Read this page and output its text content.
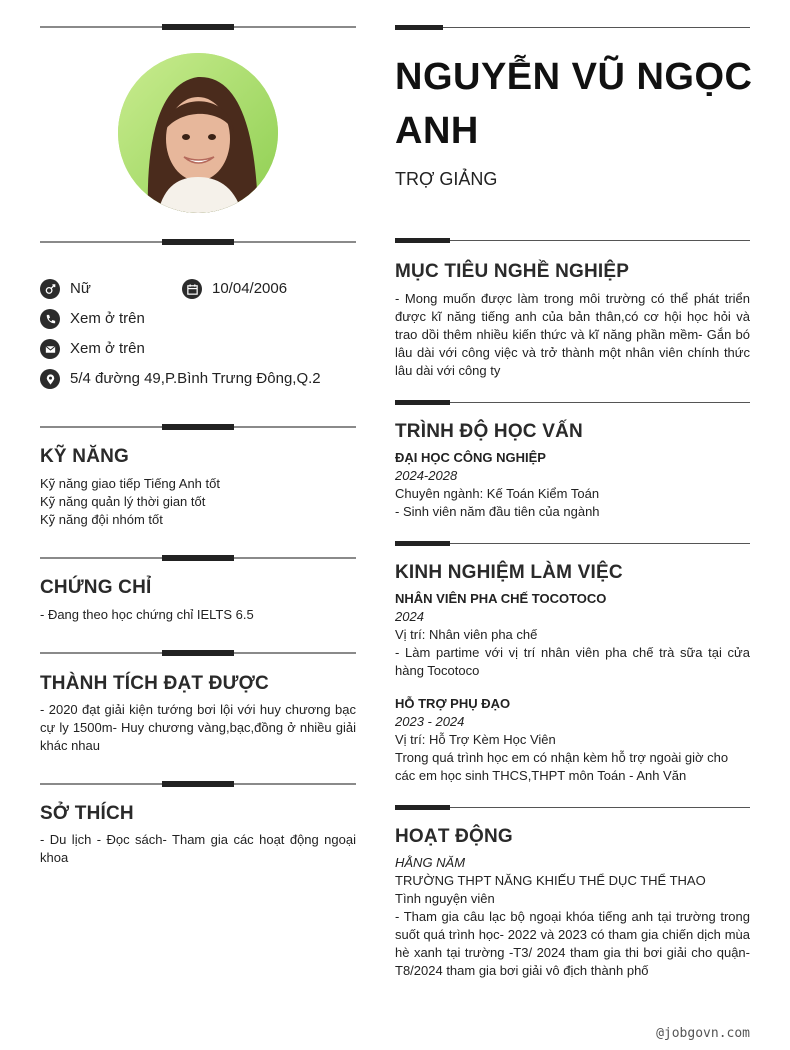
Nữ	10/04/2006
Xem ở trên
Xem ở trên
5/4 đường 49,P.Bình Trưng Đông,Q.2
KỸ NĂNG
Kỹ năng giao tiếp Tiếng Anh tốt
Kỹ năng quản lý thời gian tốt
Kỹ năng đội nhóm tốt
CHỨNG CHỈ
- Đang theo học chứng chỉ IELTS 6.5
THÀNH TÍCH ĐẠT ĐƯỢC
- 2020 đạt giải kiện tướng bơi lội với huy chương bạc cự ly 1500m- Huy chương vàng,bạc,đồng ở nhiều giải khác nhau
SỞ THÍCH
- Du lịch - Đọc sách- Tham gia các hoạt động ngoại khoa
NGUYỄN VŨ NGỌC ANH
TRỢ GIẢNG
MỤC TIÊU NGHỀ NGHIỆP
- Mong muốn được làm trong môi trường có thể phát triển được kĩ năng tiếng anh của bản thân,có cơ hội học hỏi và trao dồi thêm nhiều kiến thức và kĩ năng phần mềm- Gắn bó lâu dài với công việc và trở thành một nhân viên chính thức lâu dài với công ty
TRÌNH ĐỘ HỌC VẤN
ĐẠI HỌC CÔNG NGHIỆP
2024-2028
Chuyên ngành: Kế Toán Kiểm Toán
- Sinh viên năm đầu tiên của ngành
KINH NGHIỆM LÀM VIỆC
NHÂN VIÊN PHA CHẾ TOCOTOCO
2024
Vị trí: Nhân viên pha chế
- Làm partime với vị trí nhân viên pha chế trà sữa tại cửa hàng Tocotoco
HỖ TRỢ PHỤ ĐẠO
2023 - 2024
Vị trí: Hỗ Trợ Kèm Học Viên
Trong quá trình học em có nhận kèm hỗ trợ ngoài giờ cho các em học sinh THCS,THPT môn Toán - Anh Văn
HOẠT ĐỘNG
HẰNG NĂM
TRƯỜNG THPT NĂNG KHIẾU THỂ DỤC THỂ THAO
Tình nguyện viên
- Tham gia câu lạc bộ ngoại khóa tiếng anh tại trường trong suốt quá trình học- 2022 và 2023 có tham gia chiến dịch mùa hè xanh tại trường -T3/ 2024 tham gia thi bơi giải cho quận-T8/2024 tham gia bơi giải vô địch thành phố
@jobgovn.com
